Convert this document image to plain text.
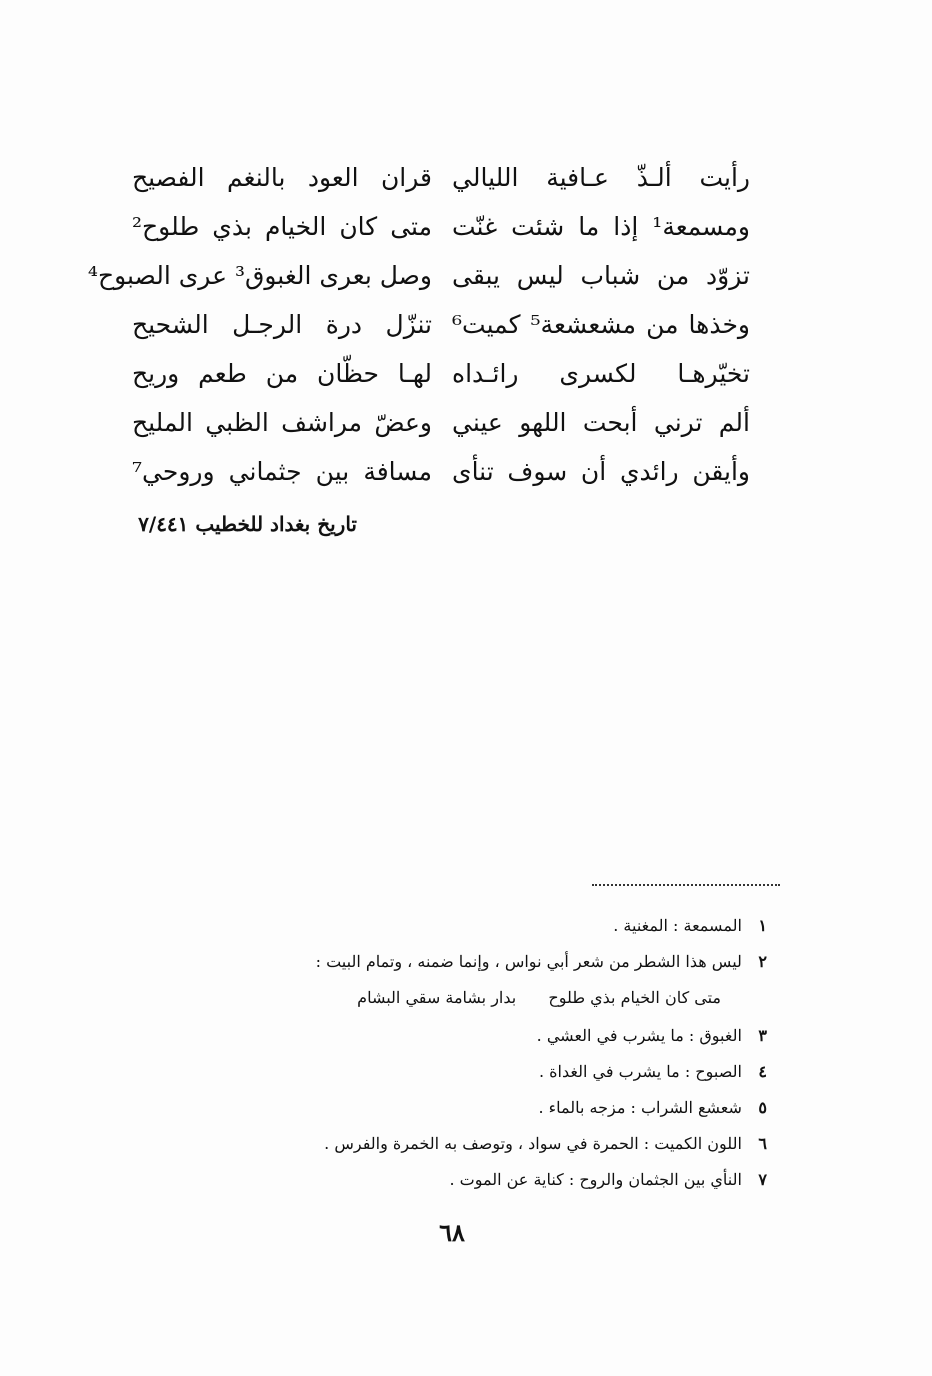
رأيت ألـذّ عـافية الليالي
قران العود بالنغم الفصيح
ومسمعة¹ إذا ما شئت غنّت
متى كان الخيام بذي طلوح²
تزوّد من شباب ليس يبقى
وصل بعرى الغبوق³ عرى الصبوح⁴
وخذها من مشعشعة⁵ كميت⁶
تنزّل درة الرجـل الشحيح
تخيّرهـا لكسرى رائـداه
لهـا حظّان من طعم وريح
ألم ترني أبحت اللهو عيني
وعضّ مراشف الظبي المليح
وأيقن رائدي أن سوف تنأى
مسافة بين جثماني وروحي⁷
تاريخ بغداد للخطيب ٧/٤٤١
١ المسمعة : المغنية .
٢ ليس هذا الشطر من شعر أبي نواس ، وإنما ضمنه ، وتمام البيت :
متى كان الخيام بذي طلوح  بدار بشامة سقي البشام
٣ الغبوق : ما يشرب في العشي .
٤ الصبوح : ما يشرب في الغداة .
٥ شعشع الشراب : مزجه بالماء .
٦ اللون الكميت : الحمرة في سواد ، وتوصف به الخمرة والفرس .
٧ النأي بين الجثمان والروح : كناية عن الموت .
٦٨
